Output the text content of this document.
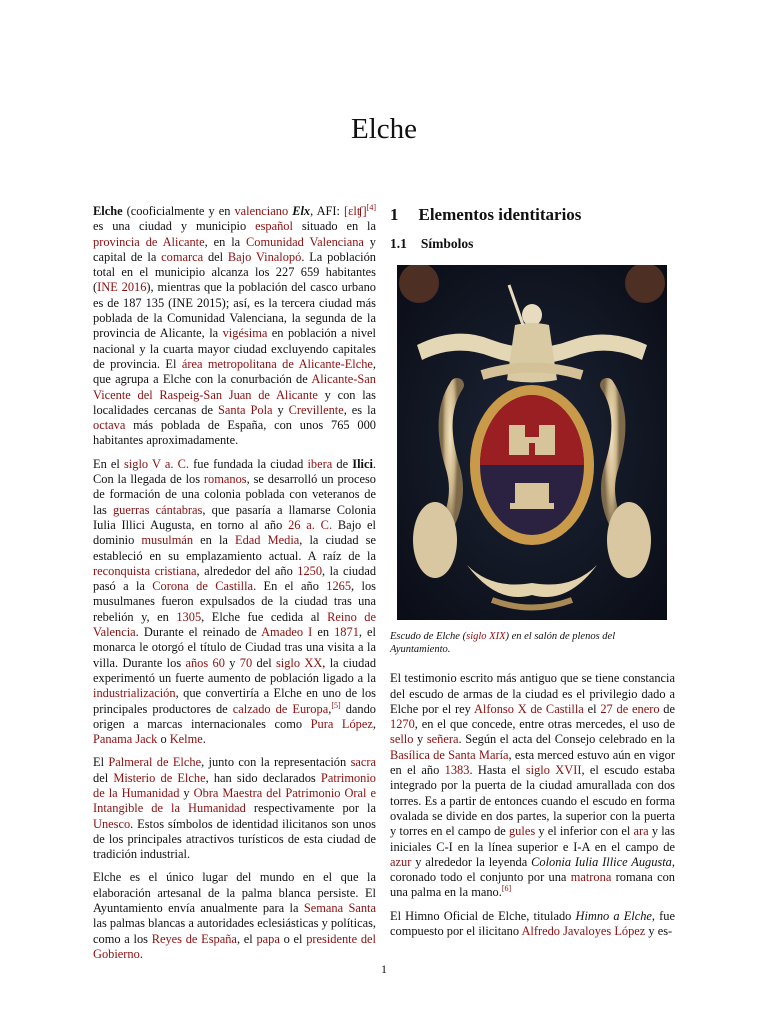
Elche

Elche (cooficialmente y en valenciano Elx, AFI: [ɛlʧ][4] es una ciudad y municipio español situado en la provincia de Alicante, en la Comunidad Valenciana y capital de la comarca del Bajo Vinalopó. La población total en el municipio alcanza los 227 659 habitantes (INE 2016), mientras que la población del casco urbano es de 187 135 (INE 2015); así, es la tercera ciudad más poblada de la Comunidad Valenciana, la segunda de la provincia de Alicante, la vigésima en población a nivel nacional y la cuarta mayor ciudad excluyendo capitales de provincia. El área metropolitana de Alicante-Elche, que agrupa a Elche con la conurbación de Alicante-San Vicente del Raspeig-San Juan de Alicante y con las localidades cercanas de Santa Pola y Crevillente, es la octava más poblada de España, con unos 765 000 habitantes aproximadamente.

En el siglo V a. C. fue fundada la ciudad ibera de Ilici. Con la llegada de los romanos, se desarrolló un proceso de formación de una colonia poblada con veteranos de las guerras cántabras, que pasaría a llamarse Colonia Iulia Illici Augusta, en torno al año 26 a. C. Bajo el dominio musulmán en la Edad Media, la ciudad se estableció en su emplazamiento actual. A raíz de la reconquista cristiana, alrededor del año 1250, la ciudad pasó a la Corona de Castilla. En el año 1265, los musulmanes fueron expulsados de la ciudad tras una rebelión y, en 1305, Elche fue cedida al Reino de Valencia. Durante el reinado de Amadeo I en 1871, el monarca le otorgó el título de Ciudad tras una visita a la villa. Durante los años 60 y 70 del siglo XX, la ciudad experimentó un fuerte aumento de población ligado a la industrialización, que convertiría a Elche en uno de los principales productores de calzado de Europa,[5] dando origen a marcas internacionales como Pura López, Panama Jack o Kelme.

El Palmeral de Elche, junto con la representación sacra del Misterio de Elche, han sido declarados Patrimonio de la Humanidad y Obra Maestra del Patrimonio Oral e Intangible de la Humanidad respectivamente por la Unesco. Estos símbolos de identidad ilicitanos son unos de los principales atractivos turísticos de esta ciudad de tradición industrial.

Elche es el único lugar del mundo en el que la elaboración artesanal de la palma blanca persiste. El Ayuntamiento envía anualmente para la Semana Santa las palmas blancas a autoridades eclesiásticas y políticas, como a los Reyes de España, el papa o el presidente del Gobierno.

1 Elementos identitarios
1.1 Símbolos
Escudo de Elche (siglo XIX) en el salón de plenos del Ayuntamiento.

El testimonio escrito más antiguo que se tiene constancia del escudo de armas de la ciudad es el privilegio dado a Elche por el rey Alfonso X de Castilla el 27 de enero de 1270, en el que concede, entre otras mercedes, el uso de sello y señera. Según el acta del Consejo celebrado en la Basílica de Santa María, esta merced estuvo aún en vigor en el año 1383. Hasta el siglo XVII, el escudo estaba integrado por la puerta de la ciudad amurallada con dos torres. Es a partir de entonces cuando el escudo en forma ovalada se divide en dos partes, la superior con la puerta y torres en el campo de gules y el inferior con el ara y las iniciales C-I en la línea superior e I-A en el campo de azur y alrededor la leyenda Colonia Iulia Illice Augusta, coronado todo el conjunto por una matrona romana con una palma en la mano.[6]

El Himno Oficial de Elche, titulado Himno a Elche, fue compuesto por el ilicitano Alfredo Javaloyes López y es-

1
